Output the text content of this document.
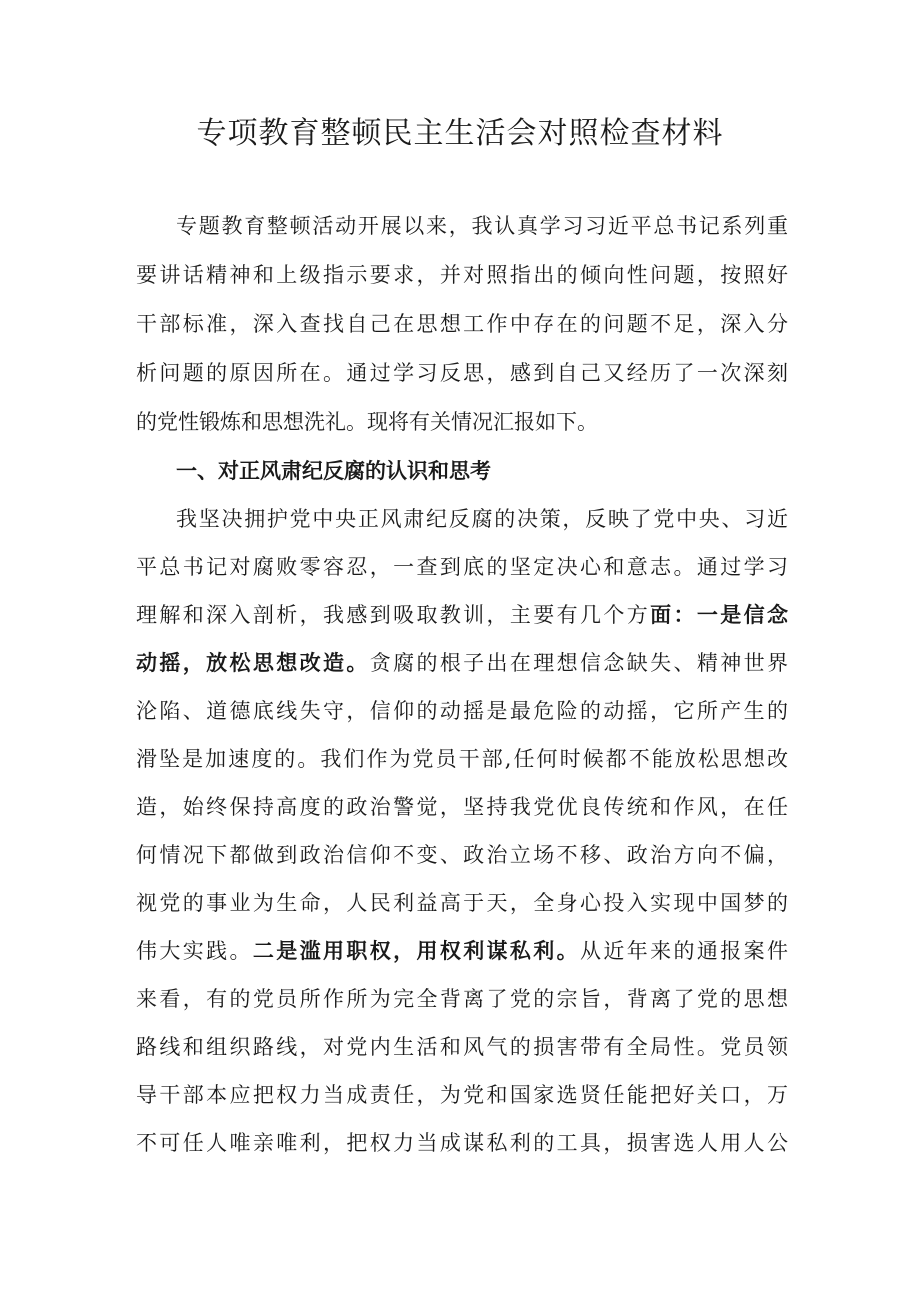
专项教育整顿民主生活会对照检查材料
专题教育整顿活动开展以来，我认真学习习近平总书记系列重
要讲话精神和上级指示要求，并对照指出的倾向性问题，按照好
干部标准，深入查找自己在思想工作中存在的问题不足，深入分
析问题的原因所在。通过学习反思，感到自己又经历了一次深刻
的党性锻炼和思想洗礼。现将有关情况汇报如下。
一、对正风肃纪反腐的认识和思考
我坚决拥护党中央正风肃纪反腐的决策，反映了党中央、习近
平总书记对腐败零容忍，一查到底的坚定决心和意志。通过学习
理解和深入剖析，我感到吸取教训，主要有几个方面：一是信念
动摇，放松思想改造。贪腐的根子出在理想信念缺失、精神世界
沦陷、道德底线失守，信仰的动摇是最危险的动摇，它所产生的
滑坠是加速度的。我们作为党员干部,任何时候都不能放松思想改
造，始终保持高度的政治警觉，坚持我党优良传统和作风，在任
何情况下都做到政治信仰不变、政治立场不移、政治方向不偏，
视党的事业为生命，人民利益高于天，全身心投入实现中国梦的
伟大实践。二是滥用职权，用权利谋私利。从近年来的通报案件
来看，有的党员所作所为完全背离了党的宗旨，背离了党的思想
路线和组织路线，对党内生活和风气的损害带有全局性。党员领
导干部本应把权力当成责任，为党和国家选贤任能把好关口，万
不可任人唯亲唯利，把权力当成谋私利的工具，损害选人用人公
